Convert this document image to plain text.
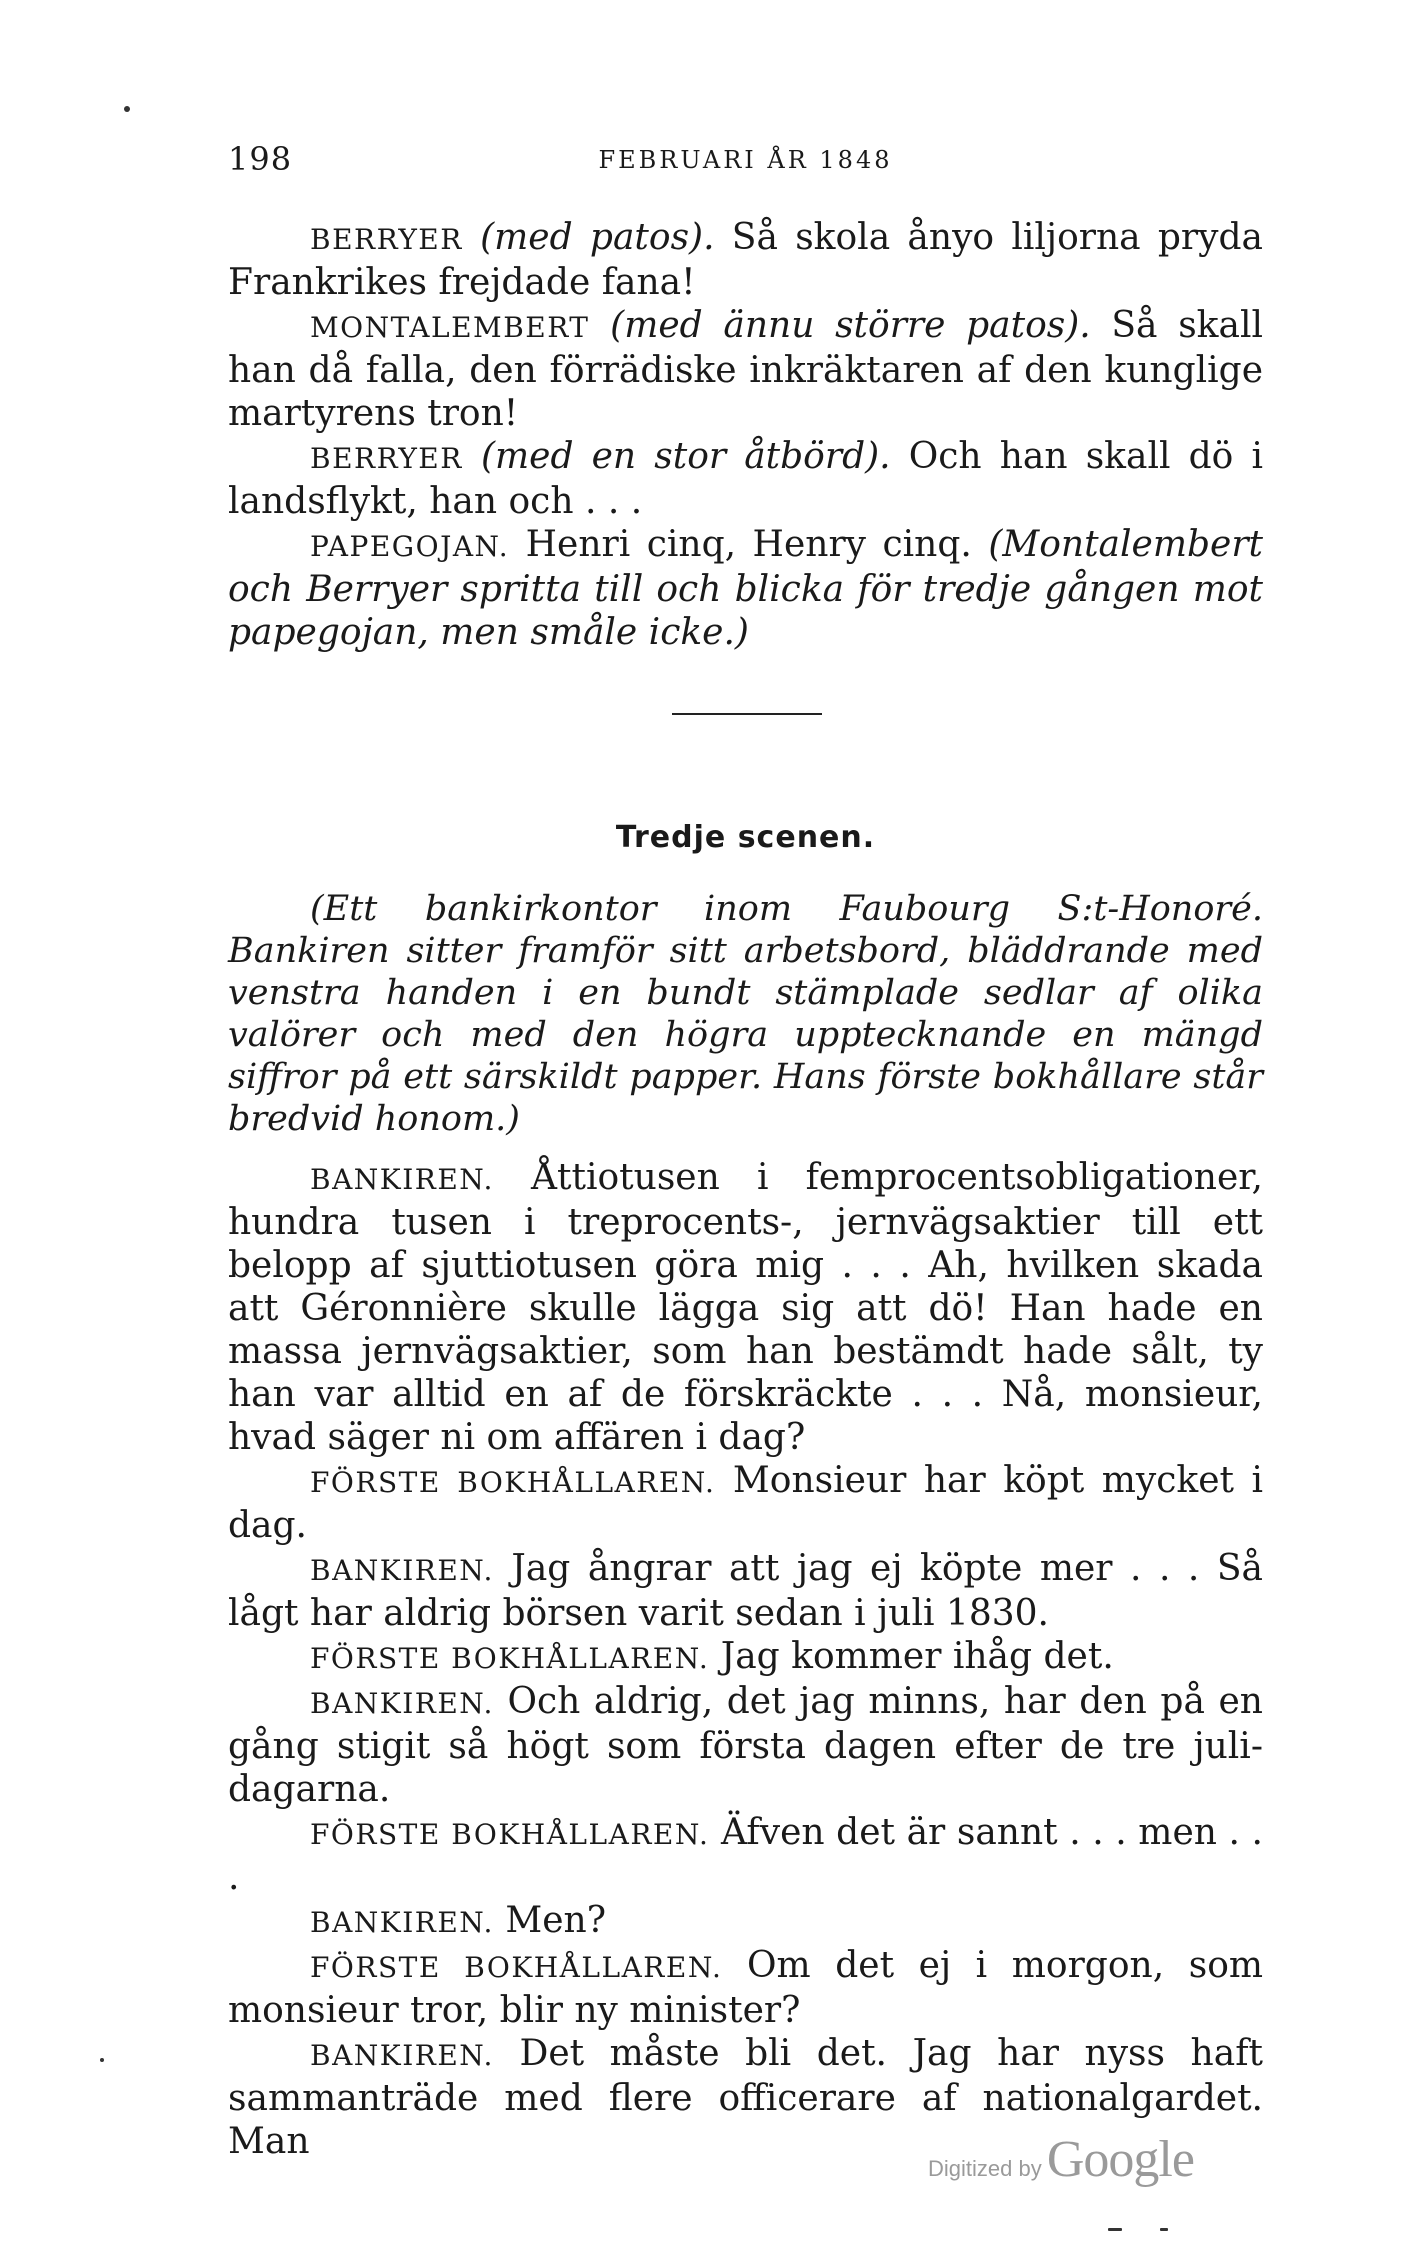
198	FEBRUARI ÅR 1848

BERRYER (med patos). Så skola ånyo liljorna pryda Frankrikes frejdade fana!

MONTALEMBERT (med ännu större patos). Så skall han då falla, den förrädiske inkräktaren af den kunglige martyrens tron!

BERRYER (med en stor åtbörd). Och han skall dö i landsflykt, han och . . .

PAPEGOJAN. Henri cinq, Henry cinq. (Montalembert och Berryer spritta till och blicka för tredje gången mot papegojan, men småle icke.)

Tredje scenen.

(Ett bankirkontor inom Faubourg S:t-Honoré. Bankiren sitter framför sitt arbetsbord, bläddrande med venstra handen i en bundt stämplade sedlar af olika valörer och med den högra upptecknande en mängd siffror på ett särskildt papper. Hans förste bokhållare står bredvid honom.)

BANKIREN. Åttiotusen i femprocentsobligationer, hundra tusen i treprocents-, jernvägsaktier till ett belopp af sjuttiotusen göra mig . . . Ah, hvilken skada att Géronnière skulle lägga sig att dö! Han hade en massa jernvägsaktier, som han bestämdt hade sålt, ty han var alltid en af de förskräckte . . . Nå, monsieur, hvad säger ni om affären i dag?

FÖRSTE BOKHÅLLAREN. Monsieur har köpt mycket i dag.

BANKIREN. Jag ångrar att jag ej köpte mer . . . Så lågt har aldrig börsen varit sedan i juli 1830.

FÖRSTE BOKHÅLLAREN. Jag kommer ihåg det.

BANKIREN. Och aldrig, det jag minns, har den på en gång stigit så högt som första dagen efter de tre julidagarna.

FÖRSTE BOKHÅLLAREN. Äfven det är sannt . . . men . . .

BANKIREN. Men?

FÖRSTE BOKHÅLLAREN. Om det ej i morgon, som monsieur tror, blir ny minister?

BANKIREN. Det måste bli det. Jag har nyss haft sammanträde med flere officerare af nationalgardet. Man

Digitized by Google
